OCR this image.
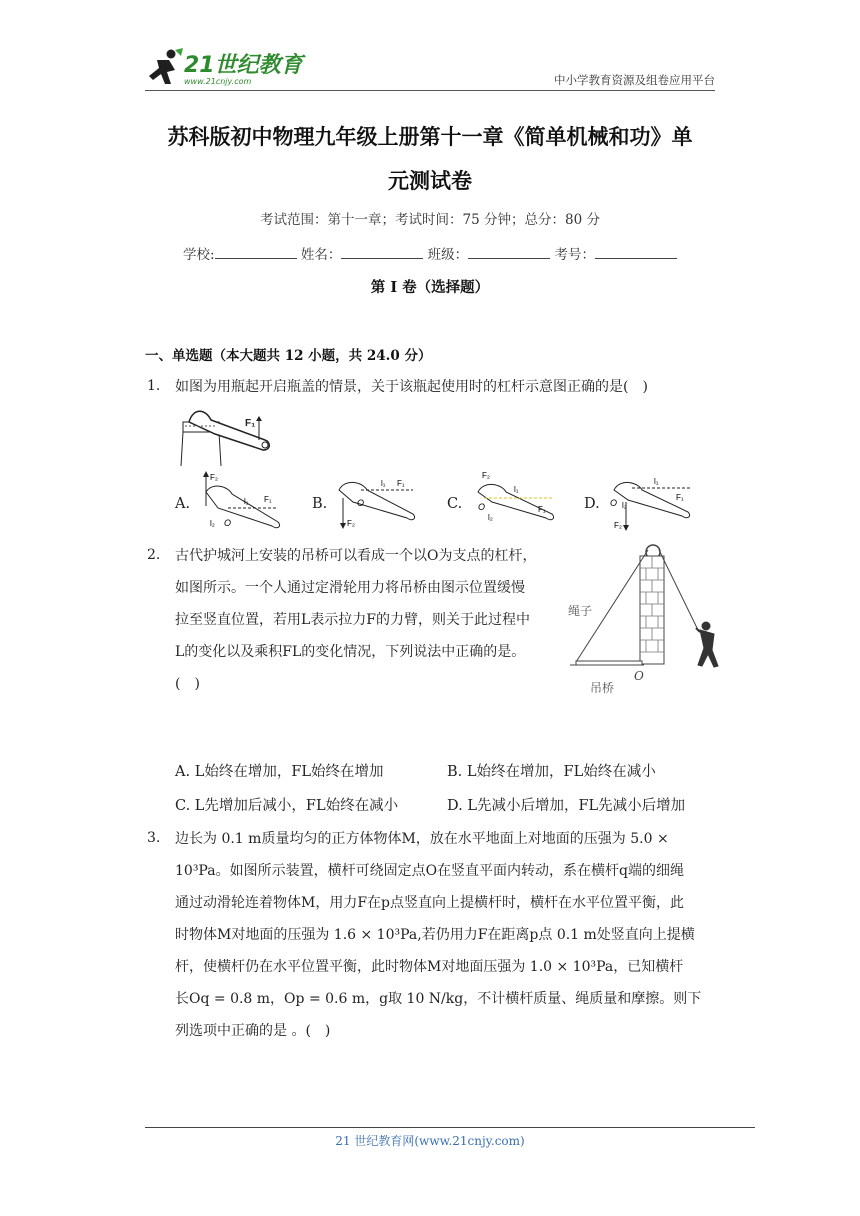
21世纪教育
www.21cnjy.com	中小学教育资源及组卷应用平台
苏科版初中物理九年级上册第十一章《简单机械和功》单
元测试卷
考试范围：第十一章；考试时间：75 分钟；总分：80 分
学校:	姓名：	班级：	考号：
第 I 卷（选择题）
一、单选题（本大题共 12 小题，共 24.0 分）
1. 如图为用瓶起开启瓶盖的情景，关于该瓶起使用时的杠杆示意图正确的是(　)
F₁
A.
F₂
l₁ F₁
l₂ O
B.
l₁ F₁
F₂
O	C.
F₂
l₁
F₁
O
l₂
D.
l₁
F₁
O l₂
F₂
2. 古代护城河上安装的吊桥可以看成一个以O为支点的杠杆，
如图所示。一个人通过定滑轮用力将吊桥由图示位置缓慢
拉至竖直位置，若用L表示拉力F的力臂，则关于此过程中
L的变化以及乘积FL的变化情况，下列说法中正确的是。
(　)
绳子
O
吊桥
A. L始终在增加，FL始终在增加	B. L始终在增加，FL始终在减小
C. L先增加后减小，FL始终在减小	D. L先减小后增加，FL先减小后增加
3. 边长为 0.1 m质量均匀的正方体物体M，放在水平地面上对地面的压强为 5.0 ×
10³Pa。如图所示装置，横杆可绕固定点O在竖直平面内转动，系在横杆q端的细绳
通过动滑轮连着物体M，用力F在p点竖直向上提横杆时，横杆在水平位置平衡，此
时物体M对地面的压强为 1.6 × 10³Pa,若仍用力F在距离p点 0.1 m处竖直向上提横
杆，使横杆仍在水平位置平衡，此时物体M对地面压强为 1.0 × 10³Pa，已知横杆
长Oq = 0.8 m，Op = 0.6 m，g取 10 N/kg，不计横杆质量、绳质量和摩擦。则下
列选项中正确的是 。(　)
21 世纪教育网(www.21cnjy.com)
